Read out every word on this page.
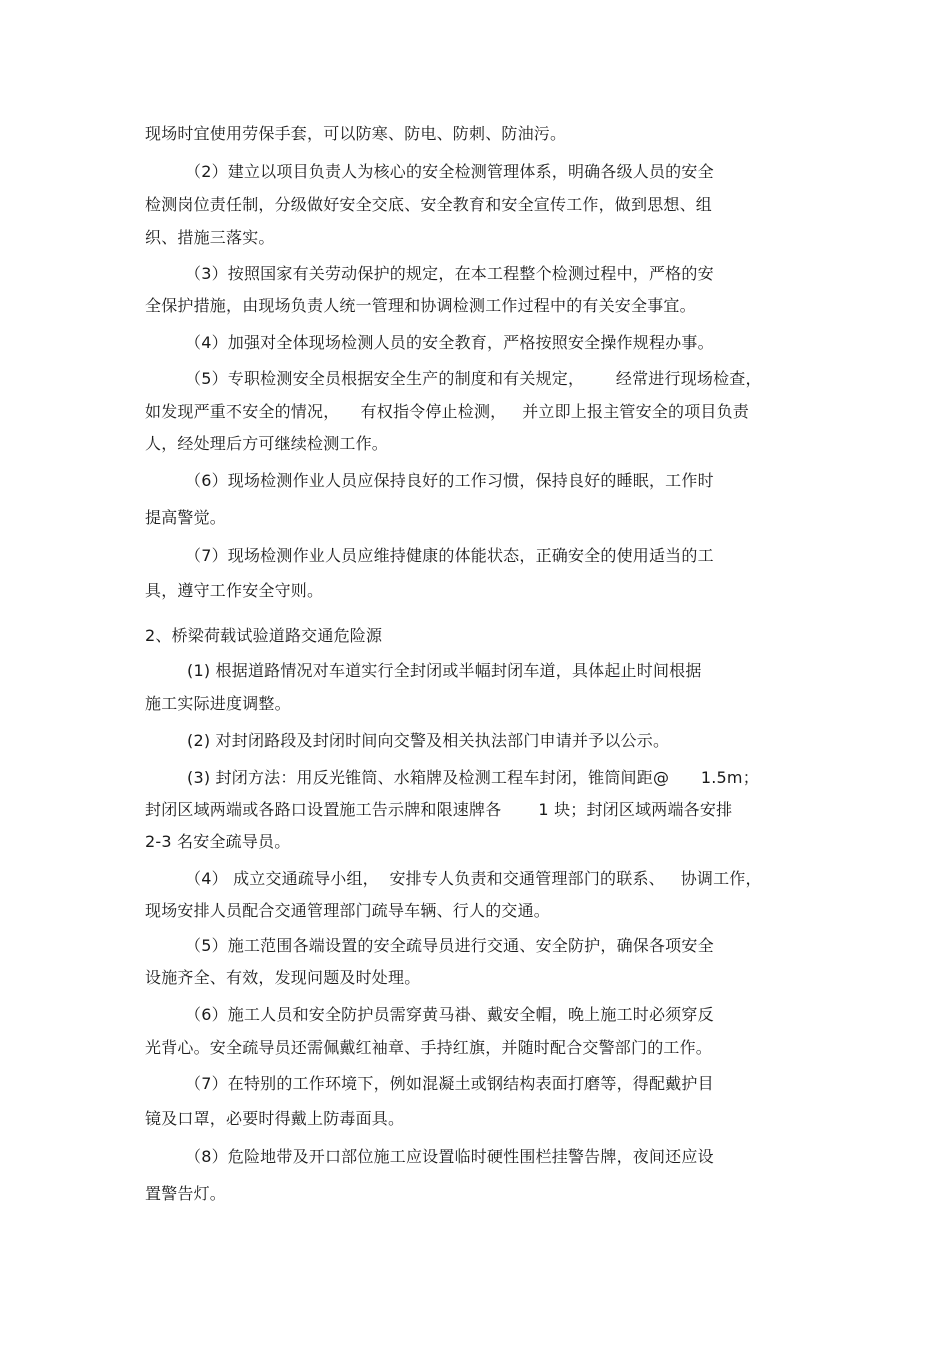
现场时宜使用劳保手套，可以防寒、防电、防刺、防油污。
（2）建立以项目负责人为核心的安全检测管理体系，明确各级人员的安全
检测岗位责任制，分级做好安全交底、安全教育和安全宣传工作，做到思想、组
织、措施三落实。
（3）按照国家有关劳动保护的规定，在本工程整个检测过程中，严格的安
全保护措施，由现场负责人统一管理和协调检测工作过程中的有关安全事宜。
（4）加强对全体现场检测人员的安全教育，严格按照安全操作规程办事。
（5）专职检测安全员根据安全生产的制度和有关规定，      经常进行现场检查，
如发现严重不安全的情况，    有权指令停止检测，   并立即上报主管安全的项目负责
人，经处理后方可继续检测工作。
（6）现场检测作业人员应保持良好的工作习惯，保持良好的睡眠，工作时
提高警觉。
（7）现场检测作业人员应维持健康的体能状态，正确安全的使用适当的工
具，遵守工作安全守则。
2、桥梁荷载试验道路交通危险源
(1) 根据道路情况对车道实行全封闭或半幅封闭车道，具体起止时间根据
施工实际进度调整。
(2) 对封闭路段及封闭时间向交警及相关执法部门申请并予以公示。
(3) 封闭方法：用反光锥筒、水箱牌及检测工程车封闭，锥筒间距@      1.5m；
封闭区域两端或各路口设置施工告示牌和限速牌各       1 块；封闭区域两端各安排
2-3 名安全疏导员。
（4） 成立交通疏导小组，  安排专人负责和交通管理部门的联系、   协调工作，
现场安排人员配合交通管理部门疏导车辆、行人的交通。
（5）施工范围各端设置的安全疏导员进行交通、安全防护，确保各项安全
设施齐全、有效，发现问题及时处理。
（6）施工人员和安全防护员需穿黄马褂、戴安全帽，晚上施工时必须穿反
光背心。安全疏导员还需佩戴红袖章、手持红旗，并随时配合交警部门的工作。
（7）在特别的工作环境下，例如混凝土或钢结构表面打磨等，得配戴护目
镜及口罩，必要时得戴上防毒面具。
（8）危险地带及开口部位施工应设置临时硬性围栏挂警告牌，夜间还应设
置警告灯。
